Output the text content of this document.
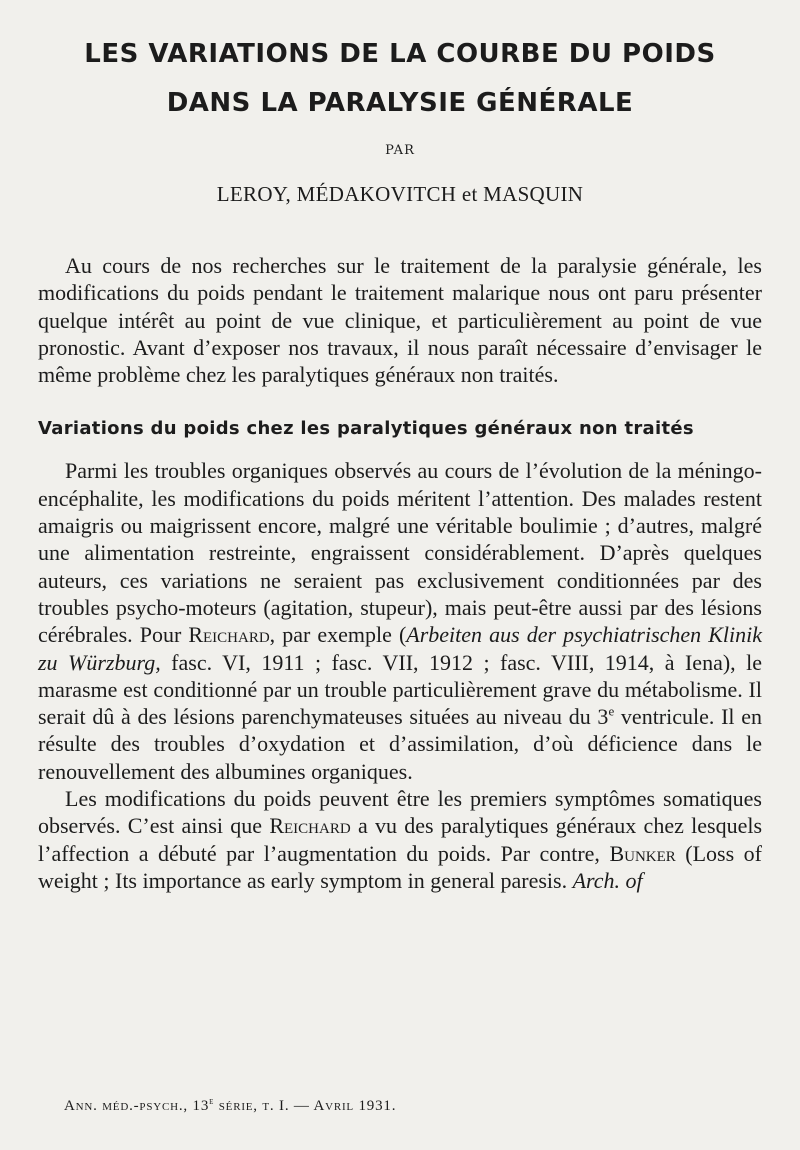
LES VARIATIONS DE LA COURBE DU POIDS
DANS LA PARALYSIE GÉNÉRALE

PAR

LEROY, MÉDAKOVITCH et MASQUIN

Au cours de nos recherches sur le traitement de la paralysie générale, les modifications du poids pendant le traitement malarique nous ont paru présenter quelque intérêt au point de vue clinique, et particulièrement au point de vue pronostic. Avant d’exposer nos travaux, il nous paraît nécessaire d’envisager le même problème chez les paralytiques généraux non traités.

Variations du poids chez les paralytiques généraux non traités

Parmi les troubles organiques observés au cours de l’évolution de la méningo-encéphalite, les modifications du poids méritent l’attention. Des malades restent amaigris ou maigrissent encore, malgré une véritable boulimie ; d’autres, malgré une alimentation restreinte, engraissent considérablement. D’après quelques auteurs, ces variations ne seraient pas exclusivement conditionnées par des troubles psycho-moteurs (agitation, stupeur), mais peut-être aussi par des lésions cérébrales. Pour Reichard, par exemple (Arbeiten aus der psychiatrischen Klinik zu Würzburg, fasc. VI, 1911 ; fasc. VII, 1912 ; fasc. VIII, 1914, à Iena), le marasme est conditionné par un trouble particulièrement grave du métabolisme. Il serait dû à des lésions parenchymateuses situées au niveau du 3e ventricule. Il en résulte des troubles d’oxydation et d’assimilation, d’où déficience dans le renouvellement des albumines organiques.

Les modifications du poids peuvent être les premiers symptômes somatiques observés. C’est ainsi que Reichard a vu des paralytiques généraux chez lesquels l’affection a débuté par l’augmentation du poids. Par contre, Bunker (Loss of weight ; Its importance as early symptom in general paresis. Arch. of

Ann. méd.-psych., 13e série, t. I. — Avril 1931.
